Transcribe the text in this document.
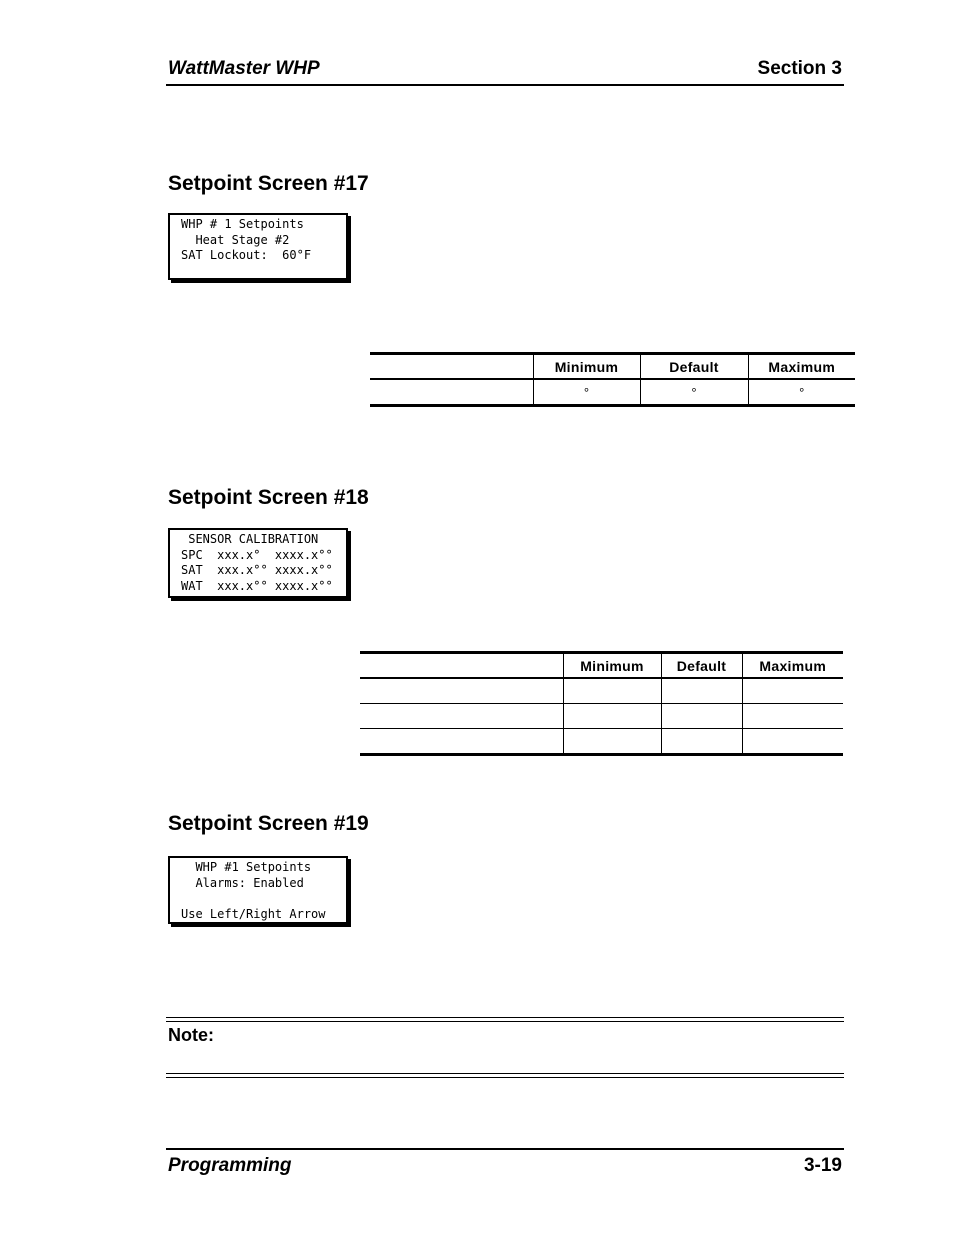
WattMaster WHP	Section 3
Setpoint Screen #17
WHP # 1 Setpoints
Heat Stage #2
SAT Lockout:  60°F
	Minimum	Default	Maximum
	°	°	°
Setpoint Screen #18
SENSOR CALIBRATION
SPC  xxx.x°  xxxx.x°°
SAT  xxx.x°° xxxx.x°°
WAT  xxx.x°° xxxx.x°°
	Minimum	Default	Maximum

Setpoint Screen #19
WHP #1 Setpoints
Alarms: Enabled
Use Left/Right Arrow
Note:
Programming	3-19
